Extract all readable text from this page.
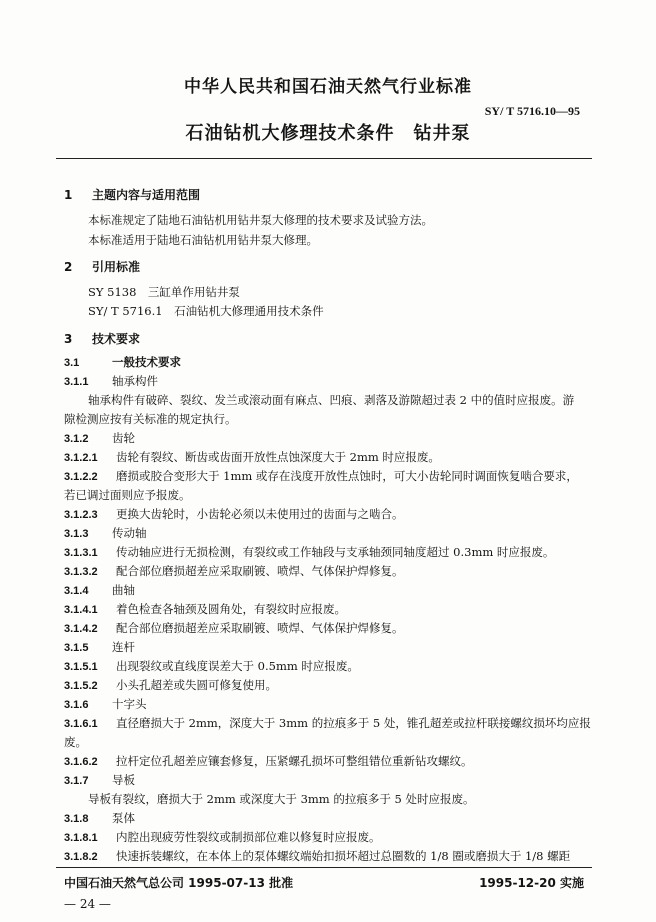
中华人民共和国石油天然气行业标准
SY/ T 5716.10—95
石油钻机大修理技术条件　钻井泵
1 主题内容与适用范围
本标准规定了陆地石油钻机用钻井泵大修理的技术要求及试验方法。
本标准适用于陆地石油钻机用钻井泵大修理。
2 引用标准
SY 5138　三缸单作用钻井泵
SY/ T 5716.1　石油钻机大修理通用技术条件
3 技术要求
3.1	一般技术要求
3.1.1 轴承构件
轴承构件有破碎、裂纹、发兰或滚动面有麻点、凹痕、剥落及游隙超过表 2 中的值时应报废。游
隙检测应按有关标准的规定执行。
3.1.2 齿轮
3.1.2.1 齿轮有裂纹、断齿或齿面开放性点蚀深度大于 2mm 时应报废。
3.1.2.2 磨损或胶合变形大于 1mm 或存在浅度开放性点蚀时，可大小齿轮同时调面恢复啮合要求，
若已调过面则应予报废。
3.1.2.3 更换大齿轮时，小齿轮必须以未使用过的齿面与之啮合。
3.1.3 传动轴
3.1.3.1 传动轴应进行无损检测，有裂纹或工作轴段与支承轴颈同轴度超过 0.3mm 时应报废。
3.1.3.2 配合部位磨损超差应采取刷镀、喷焊、气体保护焊修复。
3.1.4 曲轴
3.1.4.1 着色检查各轴颈及圆角处，有裂纹时应报废。
3.1.4.2 配合部位磨损超差应采取刷镀、喷焊、气体保护焊修复。
3.1.5 连杆
3.1.5.1 出现裂纹或直线度误差大于 0.5mm 时应报废。
3.1.5.2 小头孔超差或失圆可修复使用。
3.1.6 十字头
3.1.6.1 直径磨损大于 2mm，深度大于 3mm 的拉痕多于 5 处，锥孔超差或拉杆联接螺纹损坏均应报
废。
3.1.6.2 拉杆定位孔超差应镶套修复，压紧螺孔损坏可整组错位重新钻攻螺纹。
3.1.7 导板
导板有裂纹，磨损大于 2mm 或深度大于 3mm 的拉痕多于 5 处时应报废。
3.1.8 泵体
3.1.8.1 内腔出现疲劳性裂纹或制损部位难以修复时应报废。
3.1.8.2 快速拆装螺纹，在本体上的泵体螺纹端始扣损坏超过总圈数的 1/8 圈或磨损大于 1/8 螺距
中国石油天然气总公司 1995-07-13 批准	1995-12-20 实施
— 24 —
